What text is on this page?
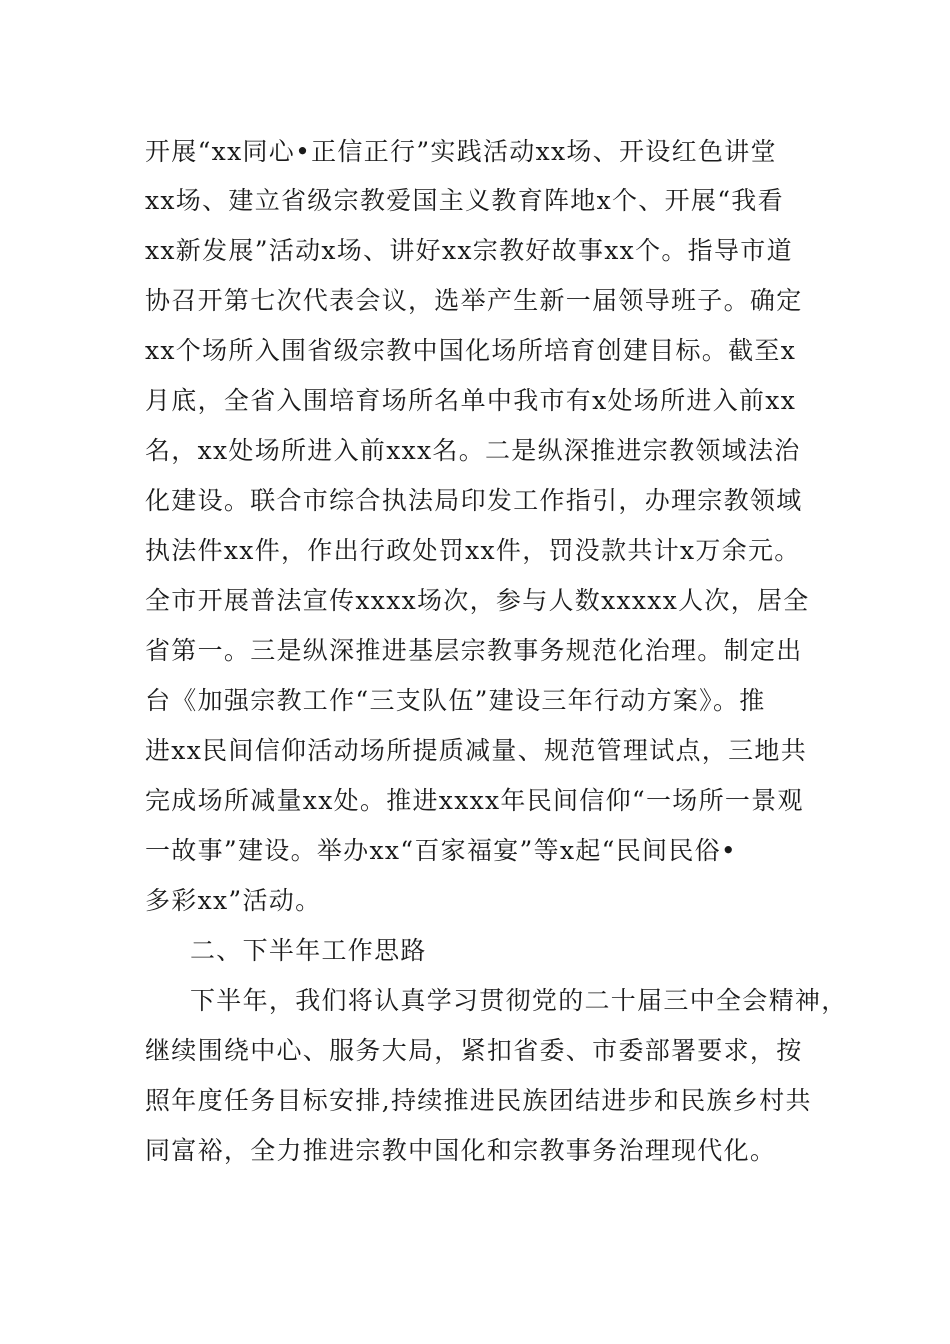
开展“xx同心•正信正行”实践活动xx场、开设红色讲堂
xx场、建立省级宗教爱国主义教育阵地x个、开展“我看
xx新发展”活动x场、讲好xx宗教好故事xx个。指导市道
协召开第七次代表会议，选举产生新一届领导班子。确定
xx个场所入围省级宗教中国化场所培育创建目标。截至x
月底，全省入围培育场所名单中我市有x处场所进入前xx
名，xx处场所进入前xxx名。二是纵深推进宗教领域法治
化建设。联合市综合执法局印发工作指引，办理宗教领域
执法件xx件，作出行政处罚xx件，罚没款共计x万余元。
全市开展普法宣传xxxx场次，参与人数xxxxx人次，居全
省第一。三是纵深推进基层宗教事务规范化治理。制定出
台《加强宗教工作“三支队伍”建设三年行动方案》。推
进xx民间信仰活动场所提质减量、规范管理试点，三地共
完成场所减量xx处。推进xxxx年民间信仰“一场所一景观
一故事”建设。举办xx“百家福宴”等x起“民间民俗•
多彩xx”活动。
二、下半年工作思路
下半年，我们将认真学习贯彻党的二十届三中全会精神，
继续围绕中心、服务大局，紧扣省委、市委部署要求，按
照年度任务目标安排,持续推进民族团结进步和民族乡村共
同富裕，全力推进宗教中国化和宗教事务治理现代化。
